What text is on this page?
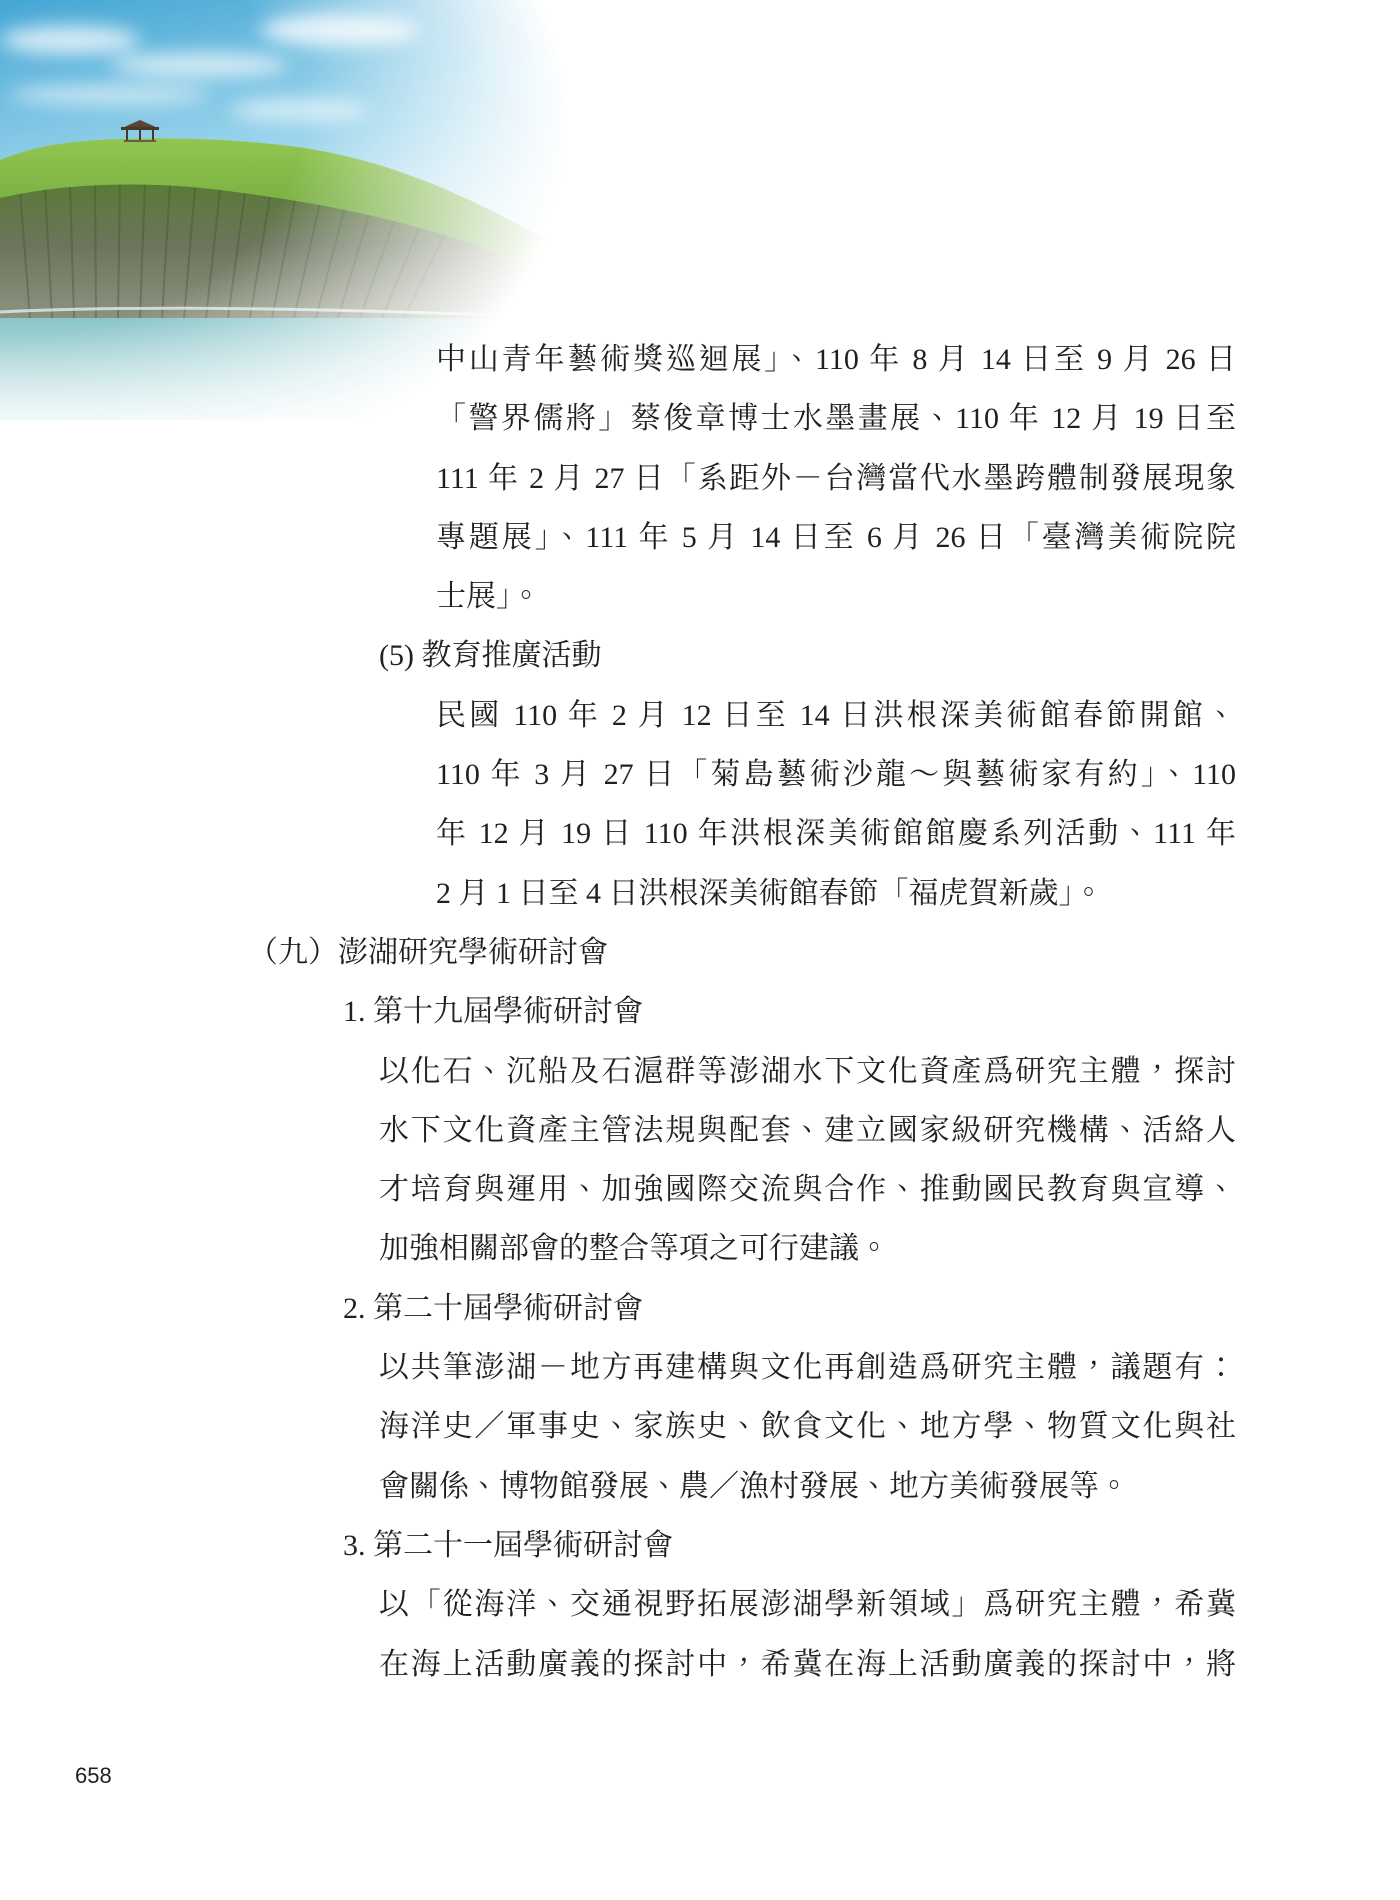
中山青年藝術獎巡迴展」、110 年 8 月 14 日至 9 月 26 日
「警界儒將」蔡俊章博士水墨畫展、110 年 12 月 19 日至
111 年 2 月 27 日「系距外－台灣當代水墨跨體制發展現象
專題展」、111 年 5 月 14 日至 6 月 26 日「臺灣美術院院
士展」。
(5) 教育推廣活動
民國 110 年 2 月 12 日至 14 日洪根深美術館春節開館、
110 年 3 月 27 日「菊島藝術沙龍～與藝術家有約」、110
年 12 月 19 日 110 年洪根深美術館館慶系列活動、111 年
2 月 1 日至 4 日洪根深美術館春節「福虎賀新歲」。
（九）澎湖研究學術研討會
1. 第十九屆學術研討會
以化石、沉船及石滬群等澎湖水下文化資產爲研究主體，探討
水下文化資產主管法規與配套、建立國家級研究機構、活絡人
才培育與運用、加強國際交流與合作、推動國民教育與宣導、
加強相關部會的整合等項之可行建議。
2. 第二十屆學術研討會
以共筆澎湖－地方再建構與文化再創造爲研究主體，議題有：
海洋史／軍事史、家族史、飲食文化、地方學、物質文化與社
會關係、博物館發展、農／漁村發展、地方美術發展等。
3. 第二十一屆學術研討會
以「從海洋、交通視野拓展澎湖學新領域」爲研究主體，希冀
在海上活動廣義的探討中，希冀在海上活動廣義的探討中，將
658
